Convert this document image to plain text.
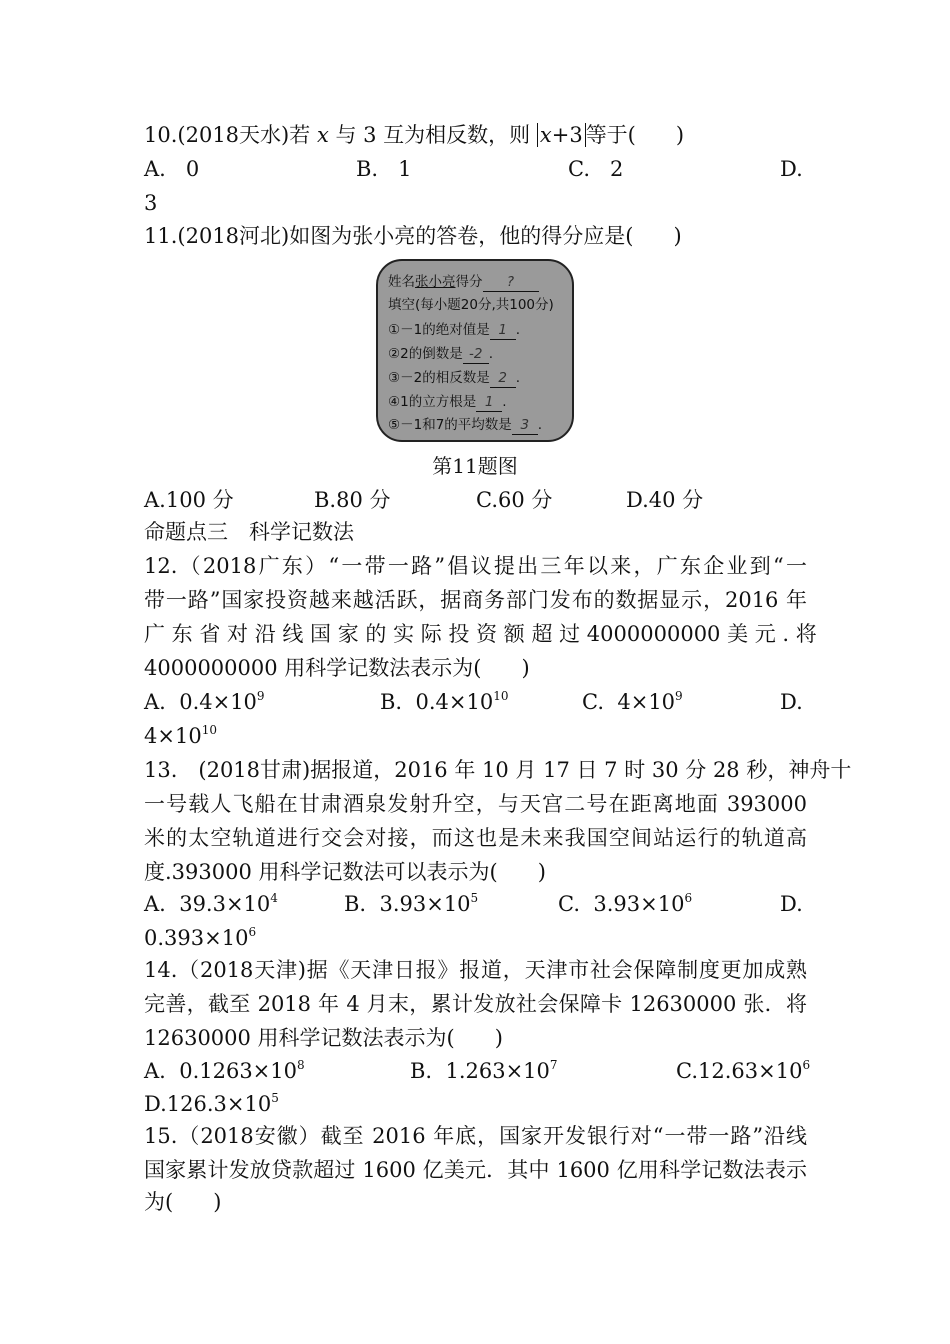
10.(2018天水)若 x 与 3 互为相反数，则 x+3 等于( )
A. 0	B. 1	C. 2	D.
3
11.(2018河北)如图为张小亮的答卷，他的得分应是( )
姓名张小亮得分 ?
填空(每小题20分,共100分)
①－1的绝对值是 1 .
②2的倒数是 -2 .
③－2的相反数是 2 .
④1的立方根是 1 .
⑤－1和7的平均数是 3 .
第11题图
A.100 分	B.80 分	C.60 分	D.40 分
命题点三　科学记数法
12.（2018广东）“一带一路”倡议提出三年以来，广东企业到“一
带一路”国家投资越来越活跃，据商务部门发布的数据显示，2016 年
广 东 省 对 沿 线 国 家 的 实 际 投 资 额 超 过 4000000000 美 元 . 将
4000000000 用科学记数法表示为( )
A. $0.4\times 10^9$	B. $0.4\times 10^{10}$	C. $4\times 10^9$	D.
$4\times 10^{10}$
13.　(2018甘肃)据报道，2016 年 10 月 17 日 7 时 30 分 28 秒，神舟十
一号载人飞船在甘肃酒泉发射升空，与天宫二号在距离地面 393000
米的太空轨道进行交会对接，而这也是未来我国空间站运行的轨道高
度.393000 用科学记数法可以表示为( )
A. $39.3\times 10^4$	B. $3.93\times 10^5$	C. $3.93\times 10^6$	D.
$0.393\times 10^6$
14.（2018天津)据《天津日报》报道，天津市社会保障制度更加成熟
完善，截至 2018 年 4 月末，累计发放社会保障卡 12630000 张．将
12630000 用科学记数法表示为( )
A. $0.1263\times 10^8$	B. $1.263\times 10^7$	$C.12.63\times 10^6$
$D.126.3\times 10^5$
15.（2018安徽）截至 2016 年底，国家开发银行对“一带一路”沿线
国家累计发放贷款超过 1600 亿美元．其中 1600 亿用科学记数法表示
为( )
